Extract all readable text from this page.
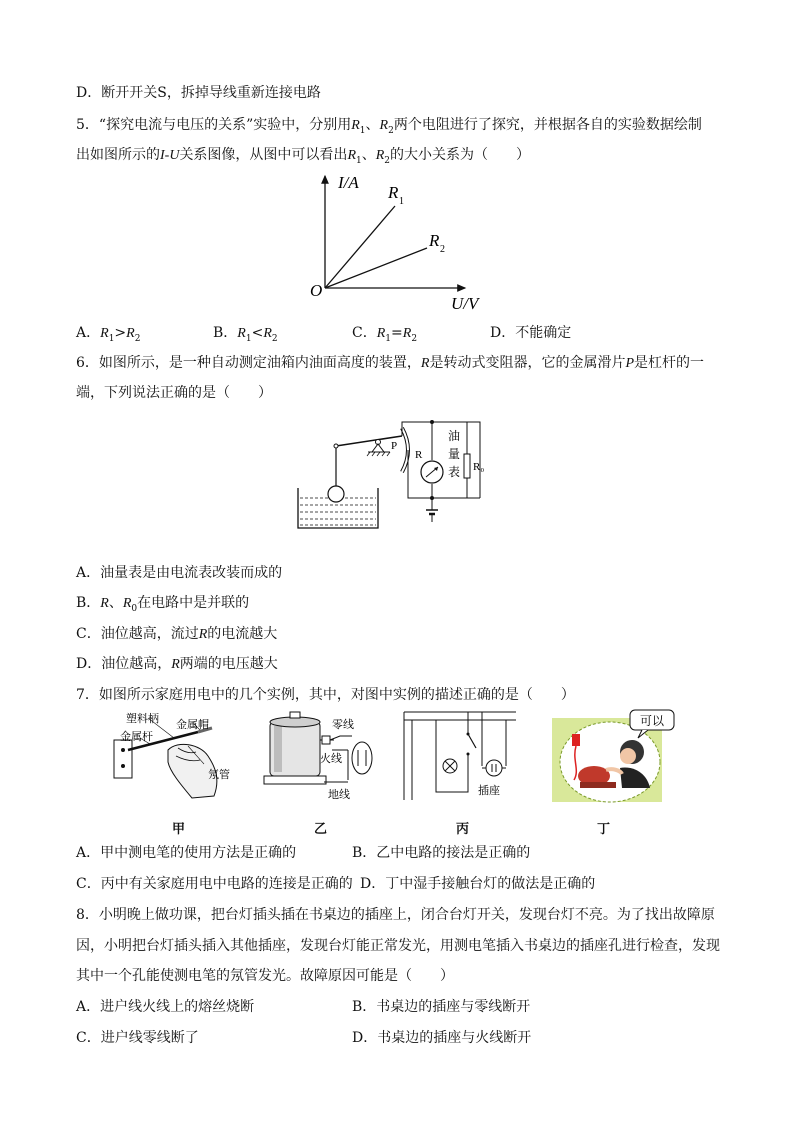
D．断开开关S，拆掉导线重新连接电路
5．“探究电流与电压的关系”实验中，分别用$R_1$、$R_2$两个电阻进行了探究，并根据各自的实验数据绘制
出如图所示的I-U关系图像，从图中可以看出$R_1$、$R_2$的大小关系为（　　）
I/A
O
U/V
R 1
R 2
A．$R_1>R_2$	B．$R_1<R_2$	C．$R_1=R_2$	D．不能确定
6．如图所示，是一种自动测定油箱内油面高度的装置，R是转动式变阻器，它的金属滑片P是杠杆的一
端，下列说法正确的是（　　）
P
R
油
量
表 R₀
A．油量表是由电流表改装而成的
B．R、$R_0$在电路中是并联的
C．油位越高，流过R的电流越大
D．油位越高，R两端的电压越大
7．如图所示家庭用电中的几个实例，其中，对图中实例的描述正确的是（　　）
塑料柄 金属帽
金属杆
氖管
零线
火线
地线	插座
可以
甲	乙	丙	丁
A．甲中测电笔的使用方法是正确的	B．乙中电路的接法是正确的
C．丙中有关家庭用电中电路的连接是正确的 D．丁中湿手接触台灯的做法是正确的
8．小明晚上做功课，把台灯插头插在书桌边的插座上，闭合台灯开关，发现台灯不亮。为了找出故障原
因，小明把台灯插头插入其他插座，发现台灯能正常发光，用测电笔插入书桌边的插座孔进行检查，发现
其中一个孔能使测电笔的氖管发光。故障原因可能是（　　）
A．进户线火线上的熔丝烧断	B．书桌边的插座与零线断开
C．进户线零线断了	D．书桌边的插座与火线断开
